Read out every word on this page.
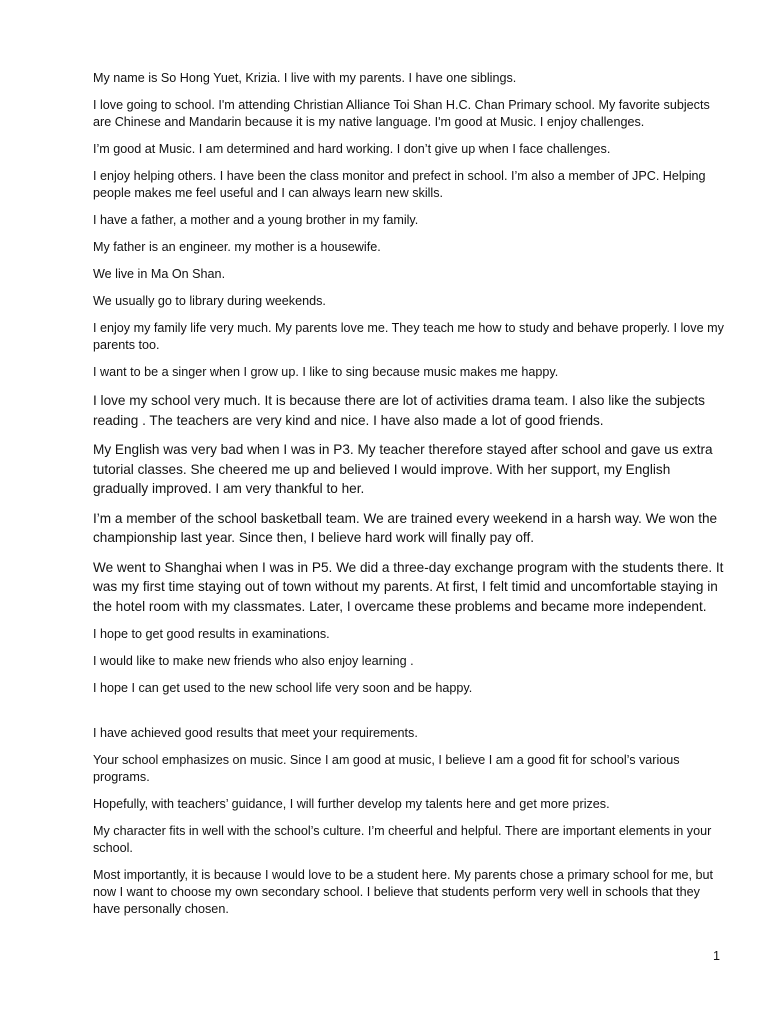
My name is So Hong Yuet, Krizia. I live with my parents. I have one siblings.

I love going to school. I'm attending Christian Alliance Toi Shan H.C. Chan Primary school. My favorite subjects are Chinese and Mandarin because it is my native language. I'm good at Music. I enjoy challenges.

I’m good at Music. I am determined and hard working. I don’t give up when I face challenges.

I enjoy helping others. I have been the class monitor and prefect in school. I’m also a member of JPC. Helping people makes me feel useful and I can always learn new skills.

I have a father, a mother and a young brother in my family.

My father is an engineer. my mother is a housewife.

We live in Ma On Shan.

We usually go to library during weekends.

I enjoy my family life very much. My parents love me. They teach me how to study and behave properly. I love my parents too.

I want to be a singer when I grow up. I like to sing because music makes me happy.

I love my school very much. It is because there are lot of activities drama team. I also like the subjects reading . The teachers are very kind and nice. I have also made a lot of good friends.

My English was very bad when I was in P3. My teacher therefore stayed after school and gave us extra tutorial classes. She cheered me up and believed I would improve. With her support, my English gradually improved. I am very thankful to her.

I’m a member of the school basketball team. We are trained every weekend in a harsh way. We won the championship last year. Since then, I believe hard work will finally pay off.

We went to Shanghai when I was in P5. We did a three-day exchange program with the students there. It was my first time staying out of town without my parents. At first, I felt timid and uncomfortable staying in the hotel room with my classmates. Later, I overcame these problems and became more independent.

I hope to get good results in examinations.

I would like to make new friends who also enjoy learning .

I hope I can get used to the new school life very soon and be happy.

I have achieved good results that meet your requirements.

Your school emphasizes on music. Since I am good at music, I believe I am a good fit for school’s various programs.

Hopefully, with teachers’ guidance, I will further develop my talents here and get more prizes.

My character fits in well with the school’s culture. I’m cheerful and helpful. There are important elements in your school.

Most importantly, it is because I would love to be a student here. My parents chose a primary school for me, but now I want to choose my own secondary school. I believe that students perform very well in schools that they have personally chosen.

1
